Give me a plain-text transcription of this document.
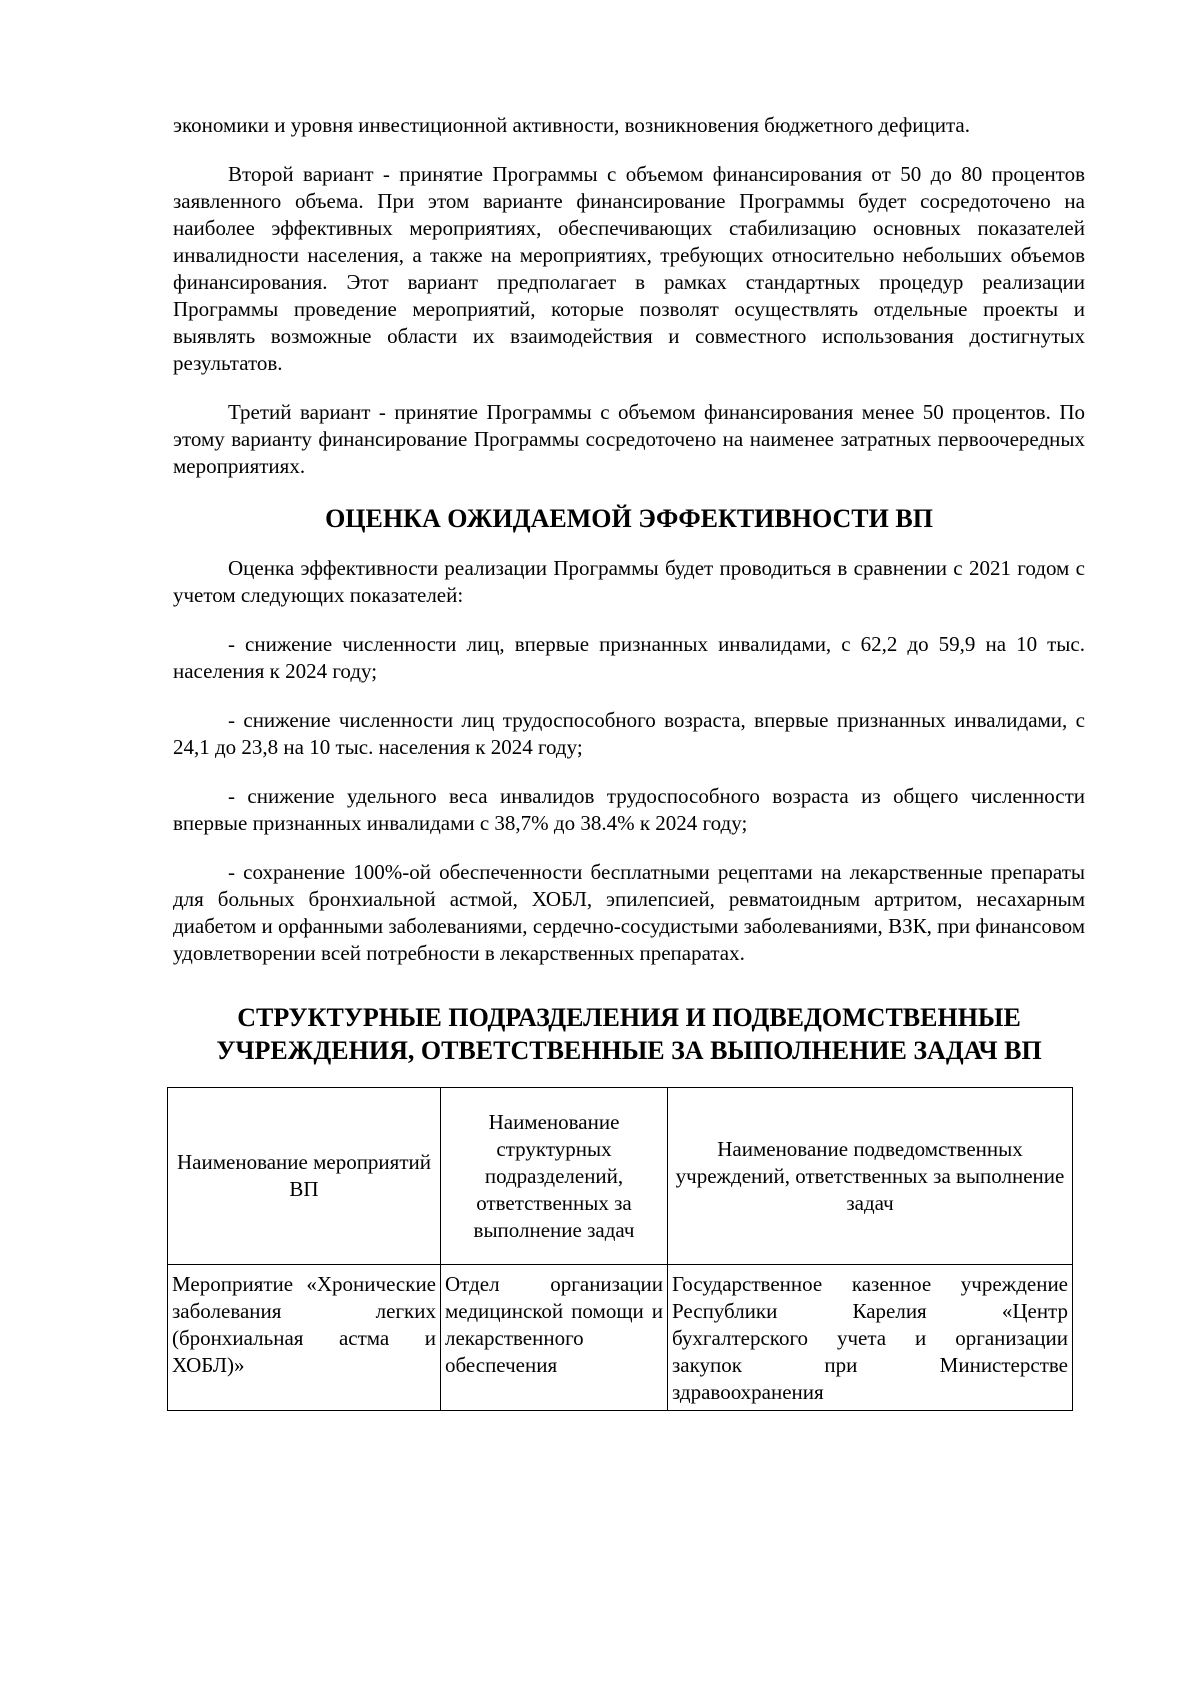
экономики и уровня инвестиционной активности, возникновения бюджетного дефицита.

Второй вариант - принятие Программы с объемом финансирования от 50 до 80 процентов заявленного объема. При этом варианте финансирование Программы будет сосредоточено на наиболее эффективных мероприятиях, обеспечивающих стабилизацию основных показателей инвалидности населения, а также на мероприятиях, требующих относительно небольших объемов финансирования. Этот вариант предполагает в рамках стандартных процедур реализации Программы проведение мероприятий, которые позволят осуществлять отдельные проекты и выявлять возможные области их взаимодействия и совместного использования достигнутых результатов.

Третий вариант - принятие Программы с объемом финансирования менее 50 процентов. По этому варианту финансирование Программы сосредоточено на наименее затратных первоочередных мероприятиях.

ОЦЕНКА ОЖИДАЕМОЙ ЭФФЕКТИВНОСТИ ВП

Оценка эффективности реализации Программы будет проводиться в сравнении с 2021 годом с учетом следующих показателей:

- снижение численности лиц, впервые признанных инвалидами, с 62,2 до 59,9 на 10 тыс. населения к 2024 году;

- снижение численности лиц трудоспособного возраста, впервые признанных инвалидами, с 24,1 до 23,8 на 10 тыс. населения к 2024 году;

- снижение удельного веса инвалидов трудоспособного возраста из общего численности впервые признанных инвалидами с 38,7% до 38.4% к 2024 году;

- сохранение 100%-ой обеспеченности бесплатными рецептами на лекарственные препараты для больных бронхиальной астмой, ХОБЛ, эпилепсией, ревматоидным артритом, несахарным диабетом и орфанными заболеваниями, сердечно-сосудистыми заболеваниями, ВЗК, при финансовом удовлетворении всей потребности в лекарственных препаратах.

СТРУКТУРНЫЕ ПОДРАЗДЕЛЕНИЯ И ПОДВЕДОМСТВЕННЫЕ
УЧРЕЖДЕНИЯ, ОТВЕТСТВЕННЫЕ ЗА ВЫПОЛНЕНИЕ ЗАДАЧ ВП
Наименование мероприятий ВП	Наименование структурных подразделений, ответственных за выполнение задач	Наименование подведомственных учреждений, ответственных за выполнение задач
Мероприятие «Хронические заболевания легких (бронхиальная астма и ХОБЛ)»	Отдел организации медицинской помощи и лекарственного обеспечения	Государственное казенное учреждение Республики Карелия «Центр бухгалтерского учета и организации закупок при Министерстве здравоохранения
